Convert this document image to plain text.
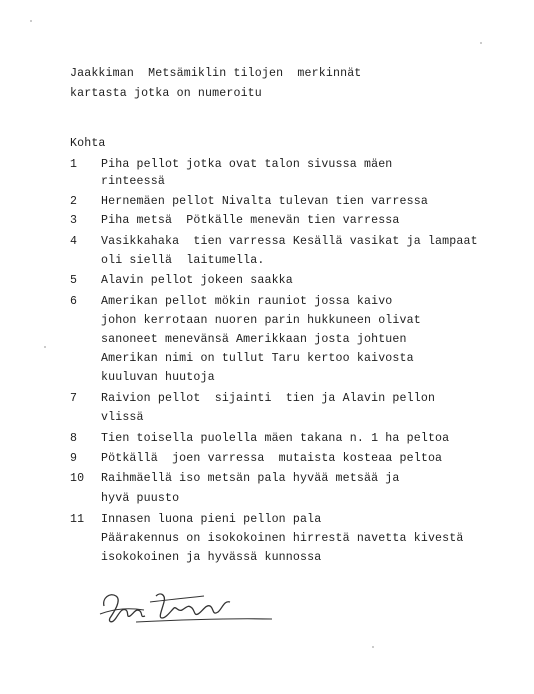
Jaakkiman  Metsämiklin tilojen  merkinnät
kartasta jotka on numeroitu
Kohta
1 Piha pellot jotka ovat talon sivussa mäen
rinteessä
2 Hernemäen pellot Nivalta tulevan tien varressa
3 Piha metsä  Pötkälle menevän tien varressa
4 Vasikkahaka  tien varressa Kesällä vasikat ja lampaat
oli siellä  laitumella.
5 Alavin pellot jokeen saakka
6 Amerikan pellot mökin rauniot jossa kaivo
johon kerrotaan nuoren parin hukkuneen olivat
sanoneet menevänsä Amerikkaan josta johtuen
Amerikan nimi on tullut Taru kertoo kaivosta
kuuluvan huutoja
7 Raivion pellot  sijainti  tien ja Alavin pellon
vlissä
8 Tien toisella puolella mäen takana n. 1 ha peltoa
9 Pötkällä  joen varressa  mutaista kosteaa peltoa
10 Raihmäellä iso metsän pala hyvää metsää ja
hyvä puusto
11 Innasen luona pieni pellon pala
Päärakennus on isokokoinen hirrestä navetta kivestä
isokokoinen ja hyvässä kunnossa
